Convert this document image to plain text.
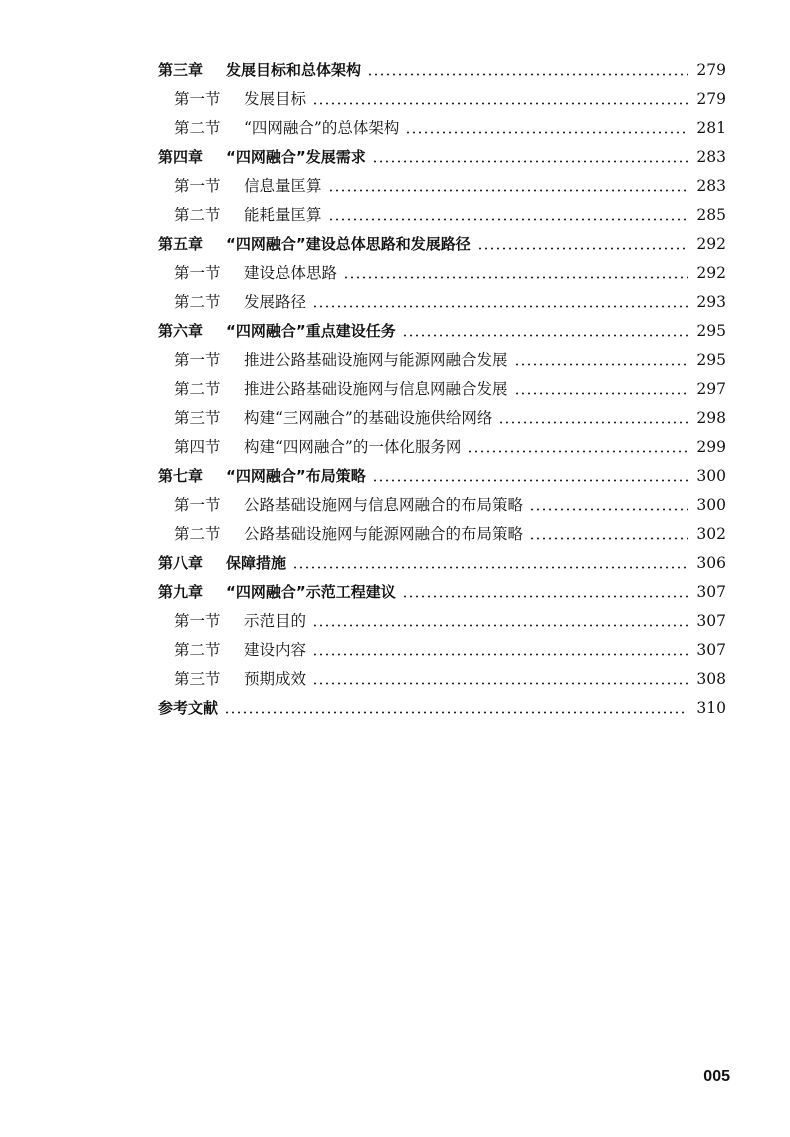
第三章	发展目标和总体架构	279
第一节	发展目标	279
第二节	“四网融合”的总体架构	281
第四章	“四网融合”发展需求	283
第一节	信息量匡算	283
第二节	能耗量匡算	285
第五章	“四网融合”建设总体思路和发展路径	292
第一节	建设总体思路	292
第二节	发展路径	293
第六章	“四网融合”重点建设任务	295
第一节	推进公路基础设施网与能源网融合发展	295
第二节	推进公路基础设施网与信息网融合发展	297
第三节	构建“三网融合”的基础设施供给网络	298
第四节	构建“四网融合”的一体化服务网	299
第七章	“四网融合”布局策略	300
第一节	公路基础设施网与信息网融合的布局策略	300
第二节	公路基础设施网与能源网融合的布局策略	302
第八章	保障措施	306
第九章	“四网融合”示范工程建议	307
第一节	示范目的	307
第二节	建设内容	307
第三节	预期成效	308
参考文献	310
005
